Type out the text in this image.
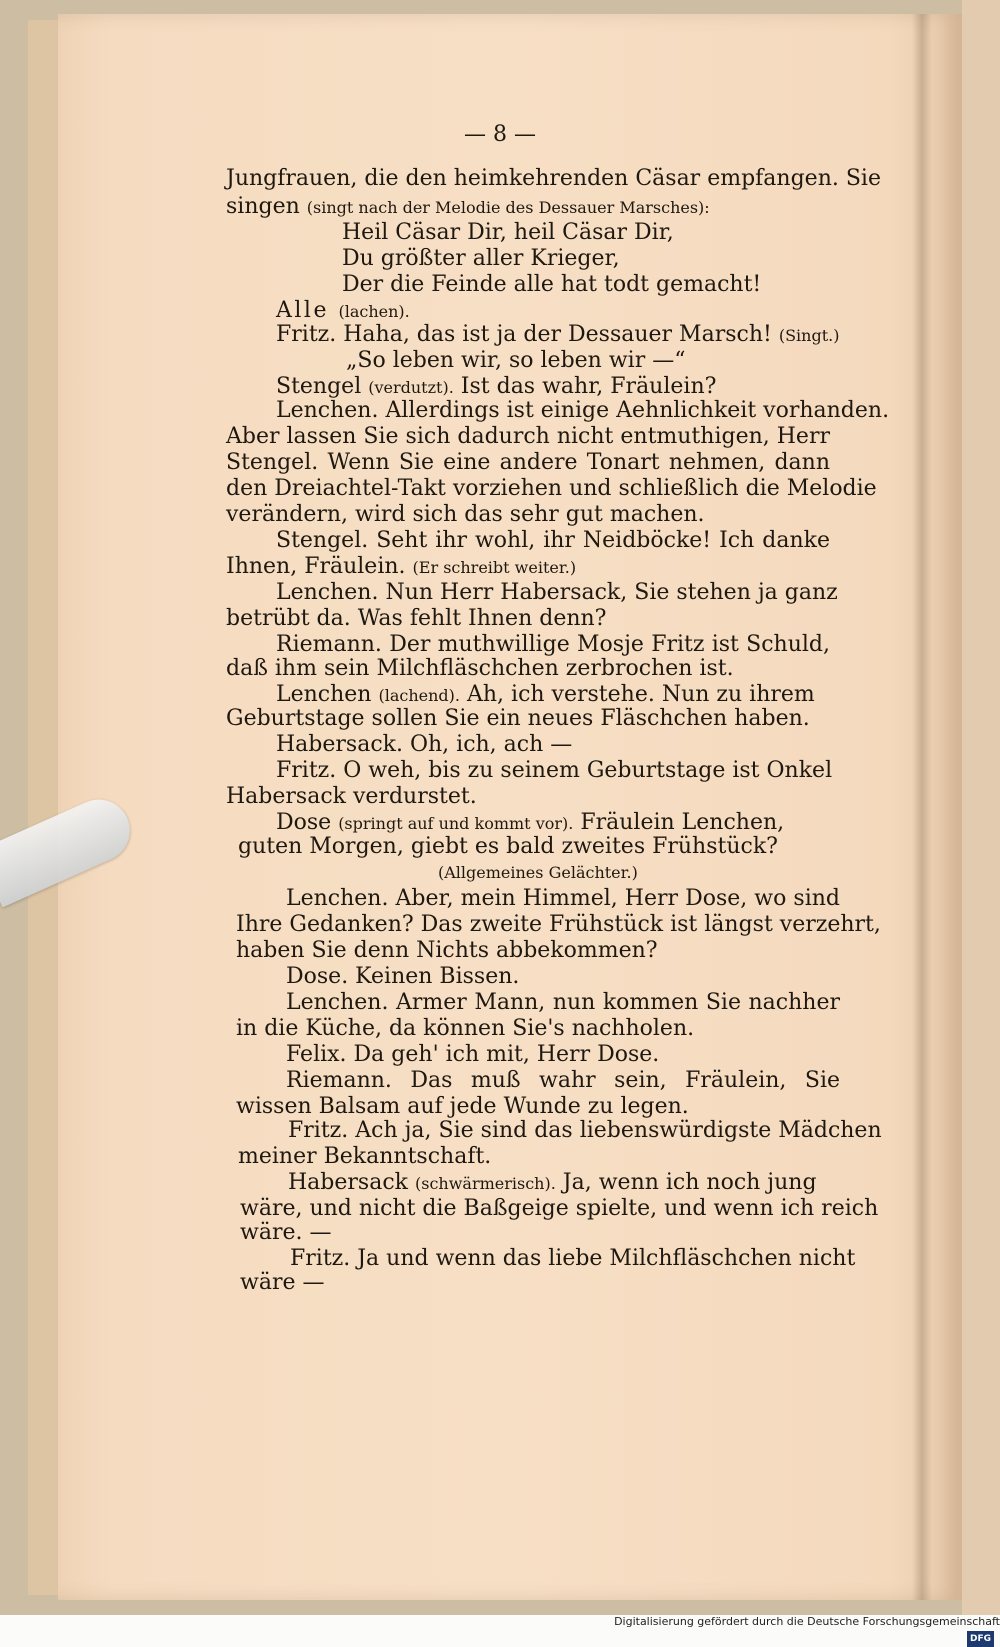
— 8 —
Jungfrauen, die den heimkehrenden Cäsar empfangen. Sie
singen (singt nach der Melodie des Dessauer Marsches):
Heil Cäsar Dir, heil Cäsar Dir,
Du größter aller Krieger,
Der die Feinde alle hat todt gemacht!
Alle (lachen).
Fritz. Haha, das ist ja der Dessauer Marsch! (Singt.)
„So leben wir, so leben wir —“
Stengel (verdutzt). Ist das wahr, Fräulein?
Lenchen. Allerdings ist einige Aehnlichkeit vorhanden.
Aber lassen Sie sich dadurch nicht entmuthigen, Herr
Stengel. Wenn Sie eine andere Tonart nehmen, dann
den Dreiachtel-Takt vorziehen und schließlich die Melodie
verändern, wird sich das sehr gut machen.
Stengel. Seht ihr wohl, ihr Neidböcke! Ich danke
Ihnen, Fräulein. (Er schreibt weiter.)
Lenchen. Nun Herr Habersack, Sie stehen ja ganz
betrübt da. Was fehlt Ihnen denn?
Riemann. Der muthwillige Mosje Fritz ist Schuld,
daß ihm sein Milchfläschchen zerbrochen ist.
Lenchen (lachend). Ah, ich verstehe. Nun zu ihrem
Geburtstage sollen Sie ein neues Fläschchen haben.
Habersack. Oh, ich, ach —
Fritz. O weh, bis zu seinem Geburtstage ist Onkel
Habersack verdurstet.
Dose (springt auf und kommt vor). Fräulein Lenchen,
guten Morgen, giebt es bald zweites Frühstück?
(Allgemeines Gelächter.)
Lenchen. Aber, mein Himmel, Herr Dose, wo sind
Ihre Gedanken? Das zweite Frühstück ist längst verzehrt,
haben Sie denn Nichts abbekommen?
Dose. Keinen Bissen.
Lenchen. Armer Mann, nun kommen Sie nachher
in die Küche, da können Sie's nachholen.
Felix. Da geh' ich mit, Herr Dose.
Riemann. Das muß wahr sein, Fräulein, Sie
wissen Balsam auf jede Wunde zu legen.
Fritz. Ach ja, Sie sind das liebenswürdigste Mädchen
meiner Bekanntschaft.
Habersack (schwärmerisch). Ja, wenn ich noch jung
wäre, und nicht die Baßgeige spielte, und wenn ich reich
wäre. —
Fritz. Ja und wenn das liebe Milchfläschchen nicht
wäre —
Digitalisierung gefördert durch die Deutsche ForschungsgemeinschaftDFG
